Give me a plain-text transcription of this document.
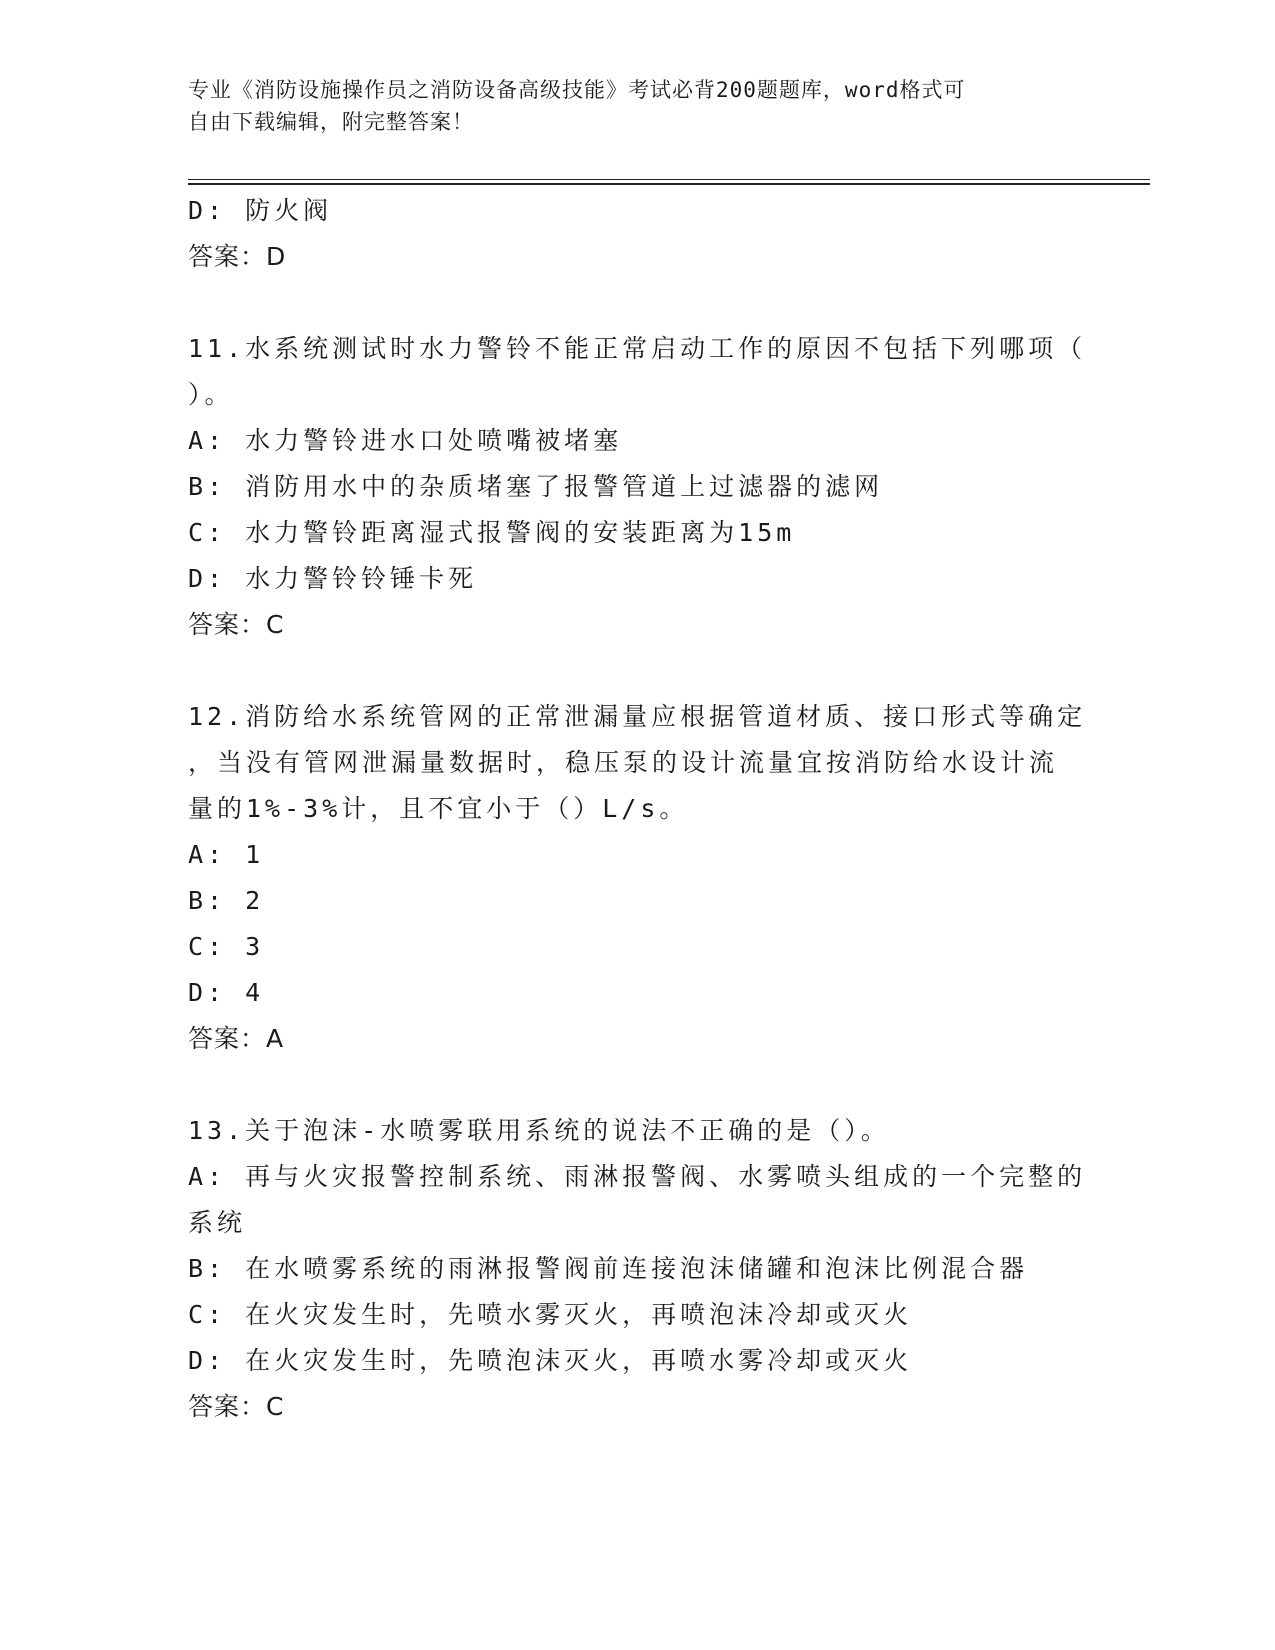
专业《消防设施操作员之消防设备高级技能》考试必背200题题库，word格式可
自由下载编辑，附完整答案！
D: 防火阀
答案：D
11.水系统测试时水力警铃不能正常启动工作的原因不包括下列哪项（
）。
A: 水力警铃进水口处喷嘴被堵塞
B: 消防用水中的杂质堵塞了报警管道上过滤器的滤网
C: 水力警铃距离湿式报警阀的安装距离为15m
D: 水力警铃铃锤卡死
答案：C
12.消防给水系统管网的正常泄漏量应根据管道材质、接口形式等确定
，当没有管网泄漏量数据时，稳压泵的设计流量宜按消防给水设计流
量的1%-3%计，且不宜小于（）L/s。
A: 1
B: 2
C: 3
D: 4
答案：A
13.关于泡沫-水喷雾联用系统的说法不正确的是（）。
A: 再与火灾报警控制系统、雨淋报警阀、水雾喷头组成的一个完整的
系统
B: 在水喷雾系统的雨淋报警阀前连接泡沫储罐和泡沫比例混合器
C: 在火灾发生时，先喷水雾灭火，再喷泡沫冷却或灭火
D: 在火灾发生时，先喷泡沫灭火，再喷水雾冷却或灭火
答案：C
